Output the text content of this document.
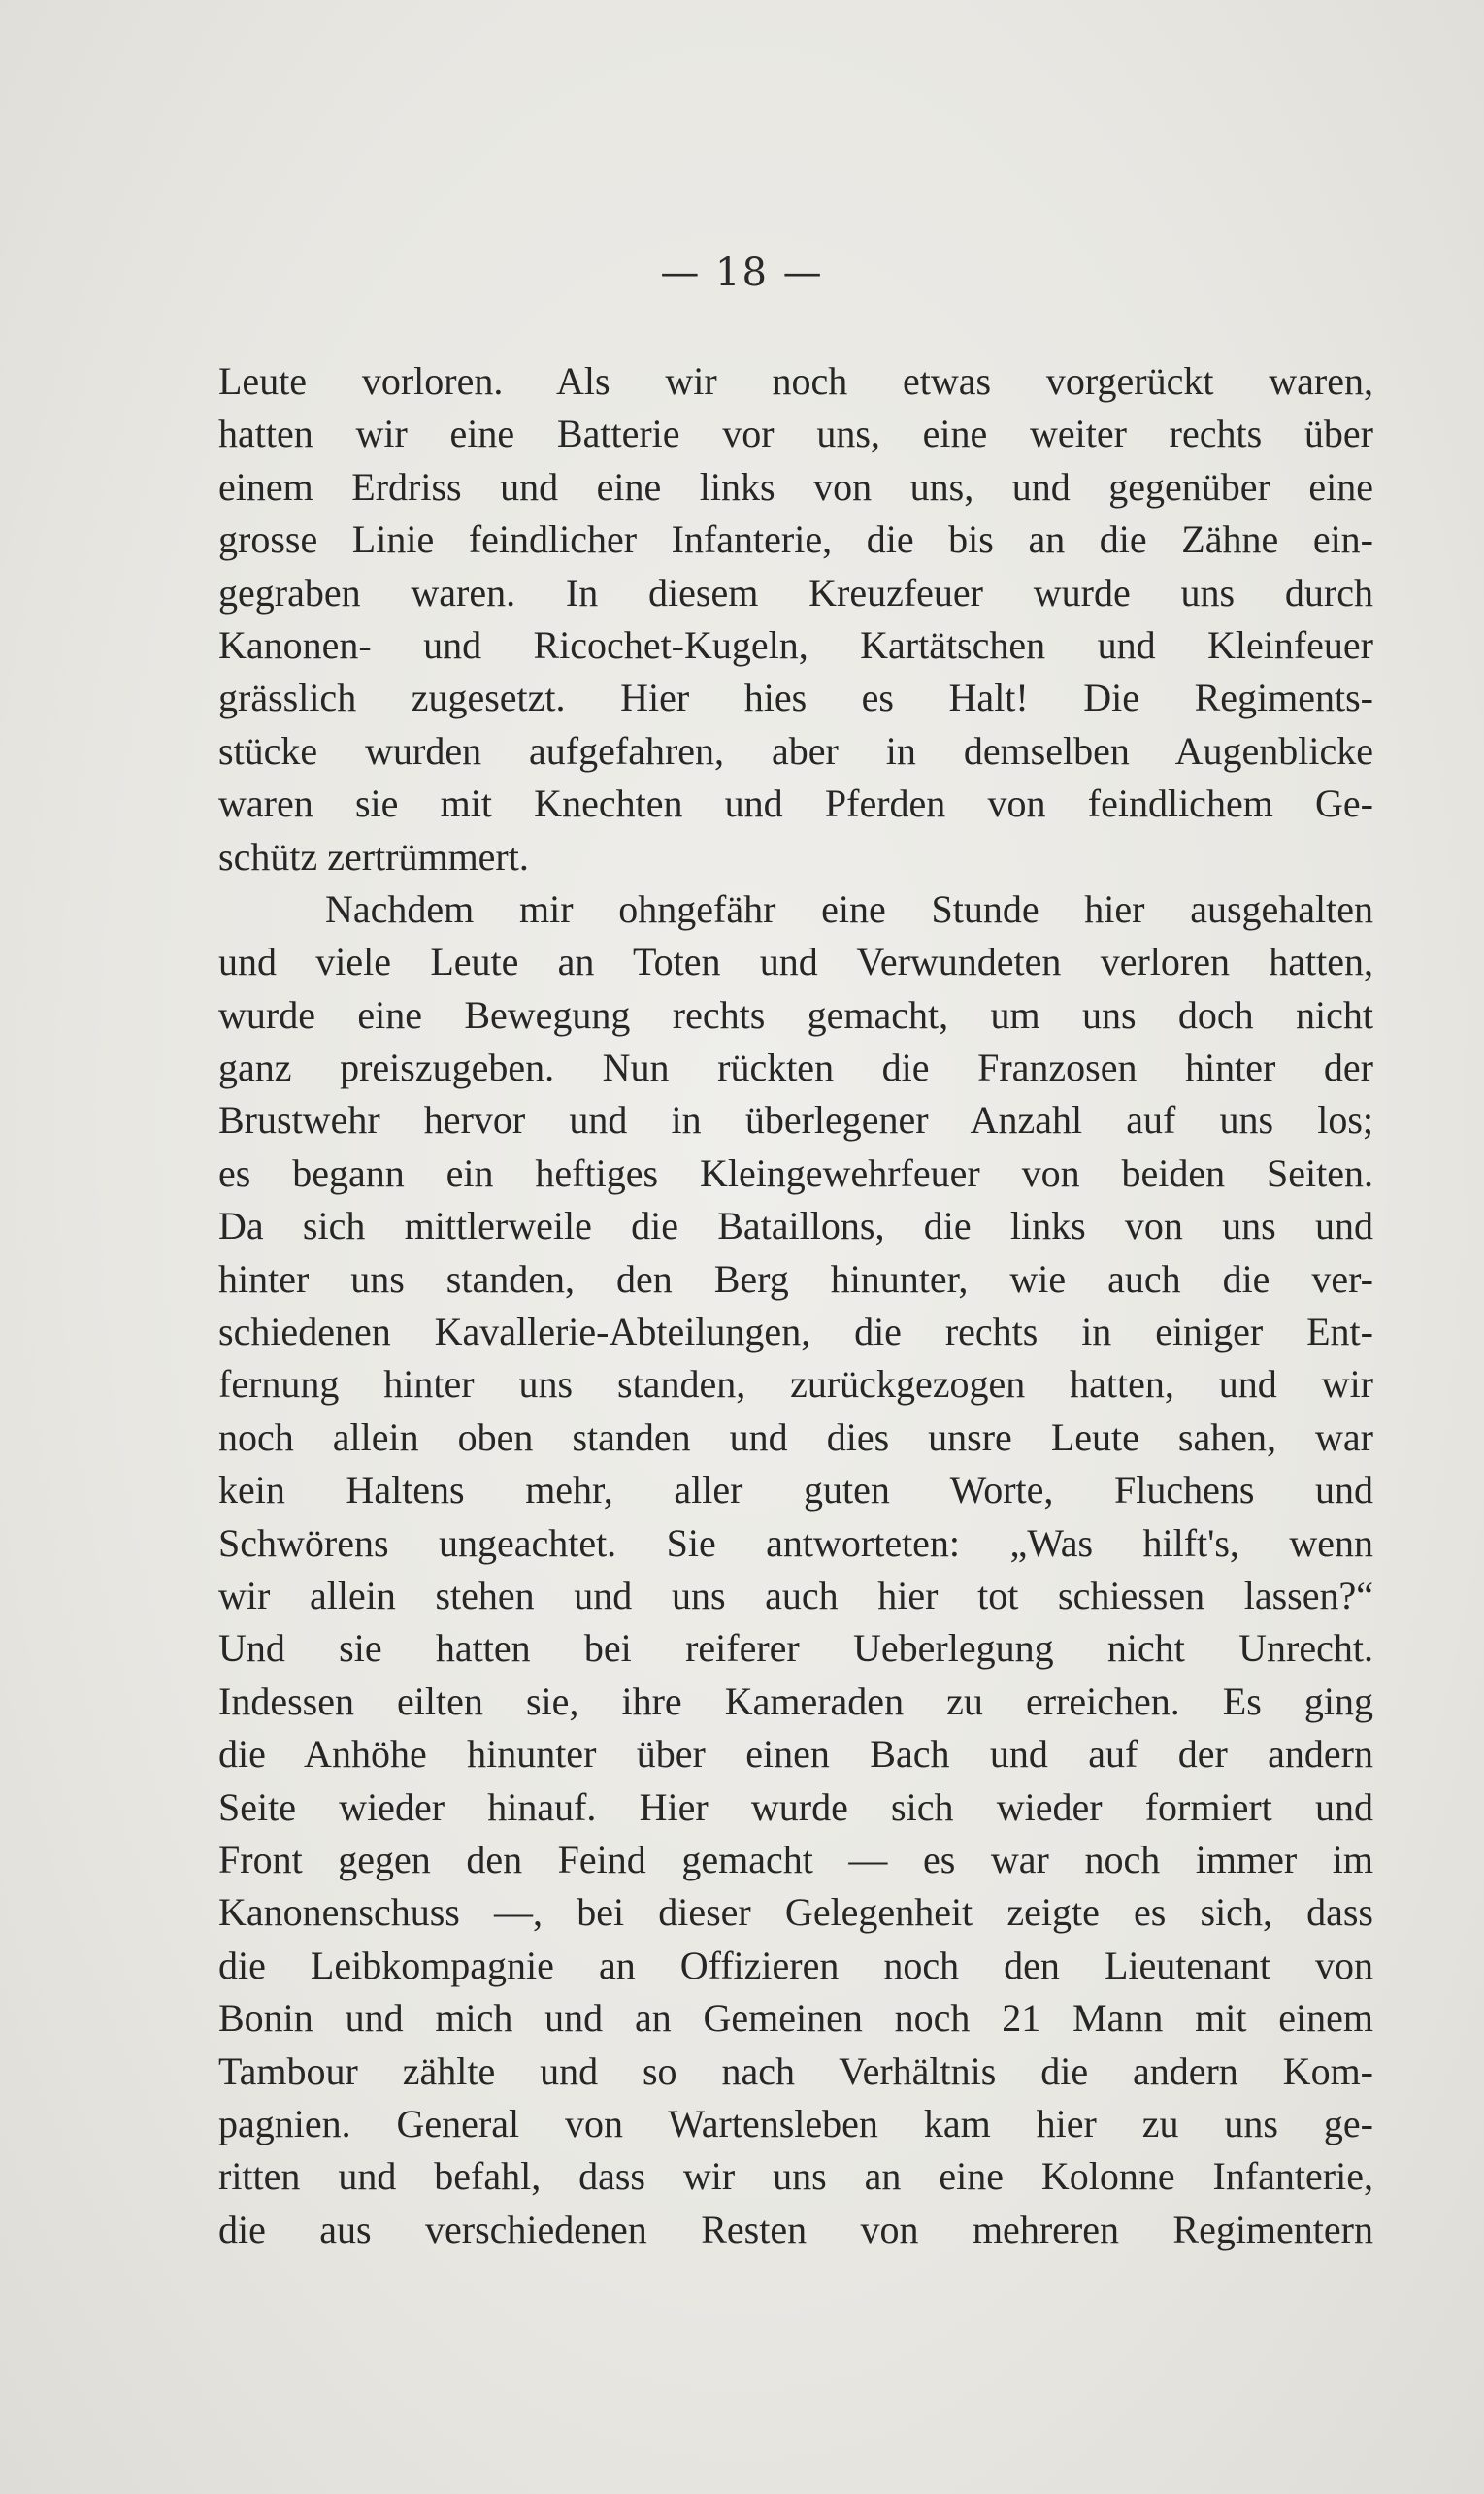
— 18 —
Leute vorloren. Als wir noch etwas vorgerückt waren,
hatten wir eine Batterie vor uns, eine weiter rechts über
einem Erdriss und eine links von uns, und gegenüber eine
grosse Linie feindlicher Infanterie, die bis an die Zähne ein-
gegraben waren. In diesem Kreuzfeuer wurde uns durch
Kanonen- und Ricochet-Kugeln, Kartätschen und Kleinfeuer
grässlich zugesetzt. Hier hies es Halt! Die Regiments-
stücke wurden aufgefahren, aber in demselben Augenblicke
waren sie mit Knechten und Pferden von feindlichem Ge-
schütz zertrümmert.
Nachdem mir ohngefähr eine Stunde hier ausgehalten
und viele Leute an Toten und Verwundeten verloren hatten,
wurde eine Bewegung rechts gemacht, um uns doch nicht
ganz preiszugeben. Nun rückten die Franzosen hinter der
Brustwehr hervor und in überlegener Anzahl auf uns los;
es begann ein heftiges Kleingewehrfeuer von beiden Seiten.
Da sich mittlerweile die Bataillons, die links von uns und
hinter uns standen, den Berg hinunter, wie auch die ver-
schiedenen Kavallerie-Abteilungen, die rechts in einiger Ent-
fernung hinter uns standen, zurückgezogen hatten, und wir
noch allein oben standen und dies unsre Leute sahen, war
kein Haltens mehr, aller guten Worte, Fluchens und
Schwörens ungeachtet. Sie antworteten: „Was hilft's, wenn
wir allein stehen und uns auch hier tot schiessen lassen?“
Und sie hatten bei reiferer Ueberlegung nicht Unrecht.
Indessen eilten sie, ihre Kameraden zu erreichen. Es ging
die Anhöhe hinunter über einen Bach und auf der andern
Seite wieder hinauf. Hier wurde sich wieder formiert und
Front gegen den Feind gemacht — es war noch immer im
Kanonenschuss —, bei dieser Gelegenheit zeigte es sich, dass
die Leibkompagnie an Offizieren noch den Lieutenant von
Bonin und mich und an Gemeinen noch 21 Mann mit einem
Tambour zählte und so nach Verhältnis die andern Kom-
pagnien. General von Wartensleben kam hier zu uns ge-
ritten und befahl, dass wir uns an eine Kolonne Infanterie,
die aus verschiedenen Resten von mehreren Regimentern
